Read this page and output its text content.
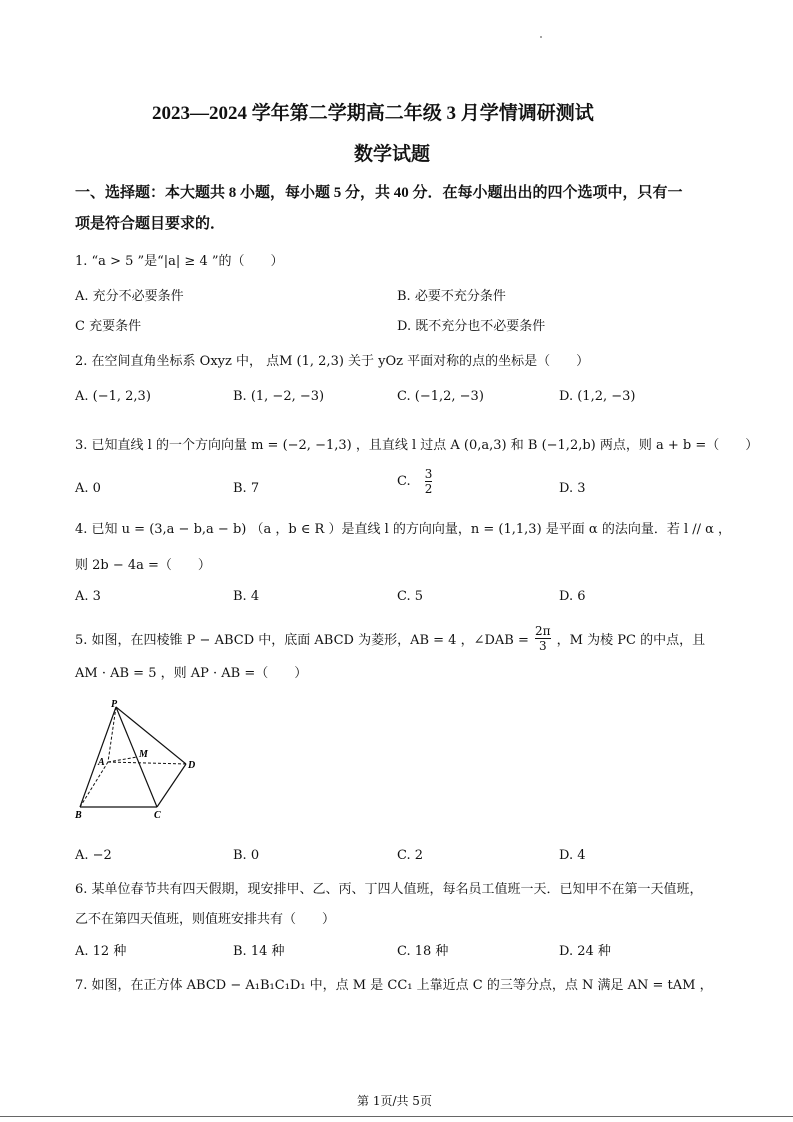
2023—2024 学年第二学期高二年级 3 月学情调研测试
数学试题
一、选择题：本大题共 8 小题，每小题 5 分，共 40 分．在每小题出出的四个选项中，只有一
项是符合题目要求的．
1. “a > 5 ”是“|a| ≥ 4 ”的（　　）
A. 充分不必要条件	B. 必要不充分条件
C 充要条件	D. 既不充分也不必要条件
2. 在空间直角坐标系 Oxyz 中， 点M (1, 2,3) 关于 yOz 平面对称的点的坐标是（　　）
A. (−1, 2,3)	B. (1, −2, −3)	C. (−1,2, −3)	D. (1,2, −3)
3. 已知直线 l 的一个方向向量 m = (−2, −1,3) ，且直线 l 过点 A (0,a,3) 和 B (−1,2,b) 两点，则 a + b =（　　）
A. 0	B. 7	C. $\frac{3}{2}$	D. 3
4. 已知 u = (3,a − b,a − b) （a ，b ∈ R ）是直线 l 的方向向量，n = (1,1,3) 是平面 α 的法向量．若 l // α ，
则 2b − 4a =（　　）
A. 3	B. 4	C. 5	D. 6
5. 如图，在四棱锥 P − ABCD 中，底面 ABCD 为菱形，AB = 4 ，∠DAB = $\frac{2\pi}{3}$ ，M 为棱 PC 的中点，且
AM · AB = 5 ，则 AP · AB =（　　）
P
M
A	D
B	C
A. −2	B. 0	C. 2	D. 4
6. 某单位春节共有四天假期，现安排甲、乙、丙、丁四人值班，每名员工值班一天．已知甲不在第一天值班，
乙不在第四天值班，则值班安排共有（　　）
A. 12 种	B. 14 种	C. 18 种	D. 24 种
7. 如图，在正方体 ABCD − A₁B₁C₁D₁ 中，点 M 是 CC₁ 上靠近点 C 的三等分点，点 N 满足 AN = tAM ，
第 1页/共 5页
